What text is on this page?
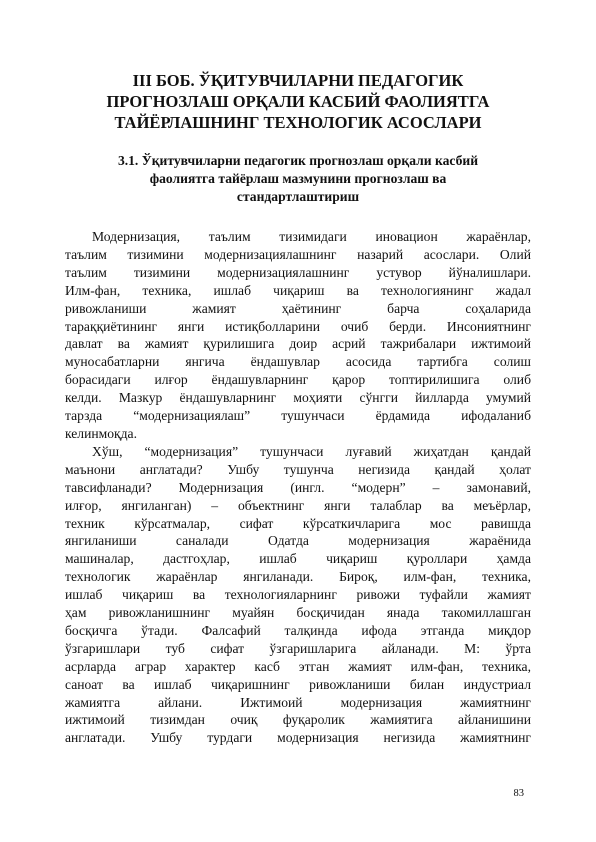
III БОБ. ЎҚИТУВЧИЛАРНИ ПЕДАГОГИК
ПРОГНОЗЛАШ ОРҚАЛИ КАСБИЙ ФАОЛИЯТГА
ТАЙЁРЛАШНИНГ ТЕХНОЛОГИК АСОСЛАРИ
3.1. Ўқитувчиларни педагогик прогнозлаш орқали касбий
фаолиятга тайёрлаш мазмунини прогнозлаш ва
стандартлаштириш

Модернизация, таълим тизимидаги иновацион жараёнлар,
таълим тизимини модернизациялашнинг назарий асослари. Олий
таълим тизимини модернизациялашнинг устувор йўналишлари.
Илм-фан, техника, ишлаб чиқариш ва технологиянинг жадал
ривожланиши жамият ҳаётининг барча соҳаларида
тараққиётининг янги истиқболларини очиб берди. Инсониятнинг
давлат ва жамият қурилишига доир асрий тажрибалари ижтимоий
муносабатларни янгича ёндашувлар асосида тартибга солиш
борасидаги илғор ёндашувларнинг қарор топтирилишига олиб
келди. Мазкур ёндашувларнинг моҳияти сўнгги йилларда умумий
тарзда “модернизациялаш” тушунчаси ёрдамида ифодаланиб
келинмоқда.

Хўш, “модернизация” тушунчаси луғавий жиҳатдан қандай
маънони англатади? Ушбу тушунча негизида қандай ҳолат
тавсифланади? Модернизация (ингл. “модерн” – замонавий,
илғор, янгиланган) – объектнинг янги талаблар ва меъёрлар,
техник кўрсатмалар, сифат кўрсаткичларига мос равишда
янгиланиши саналади Одатда модернизация жараёнида
машиналар, дастгоҳлар, ишлаб чиқариш қуроллари ҳамда
технологик жараёнлар янгиланади. Бироқ, илм-фан, техника,
ишлаб чиқариш ва технологияларнинг ривожи туфайли жамият
ҳам ривожланишнинг муайян босқичидан янада такомиллашган
босқичга ўтади. Фалсафий талқинда ифода этганда миқдор
ўзгаришлари туб сифат ўзгаришларига айланади. М: ўрта
асрларда аграр характер касб этган жамият илм-фан, техника,
саноат ва ишлаб чиқаришнинг ривожланиши билан индустриал
жамиятга айлани. Ижтимоий модернизация жамиятнинг
ижтимоий тизимдан очиқ фуқаролик жамиятига айланишини
англатади. Ушбу турдаги модернизация негизида жамиятнинг

83
